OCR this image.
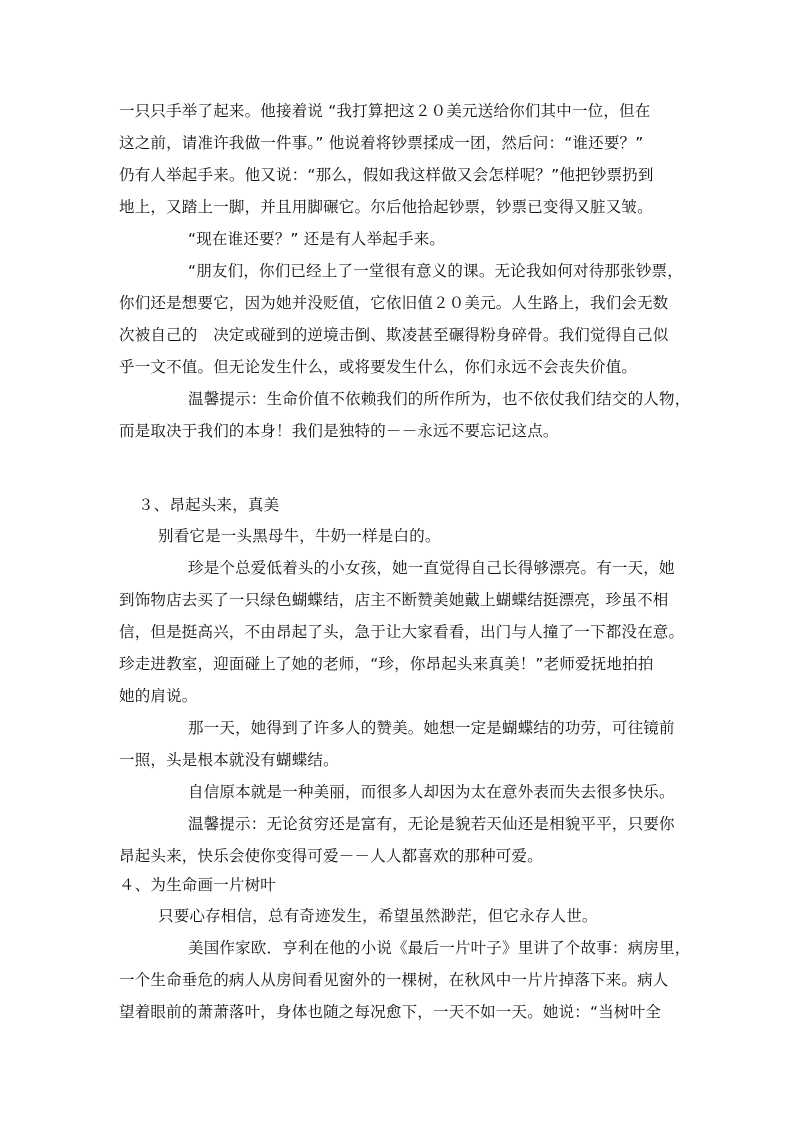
一只只手举了起来。他接着说 “我打算把这２０美元送给你们其中一位，但在
这之前，请准许我做一件事。” 他说着将钞票揉成一团，然后问：“谁还要？”
仍有人举起手来。他又说：“那么，假如我这样做又会怎样呢？”他把钞票扔到
地上，又踏上一脚，并且用脚碾它。尔后他拾起钞票，钞票已变得又脏又皱。
“现在谁还要？” 还是有人举起手来。
“朋友们，你们已经上了一堂很有意义的课。无论我如何对待那张钞票，
你们还是想要它，因为她并没贬值，它依旧值２０美元。人生路上，我们会无数
次被自己的　决定或碰到的逆境击倒、欺凌甚至碾得粉身碎骨。我们觉得自己似
乎一文不值。但无论发生什么，或将要发生什么，你们永远不会丧失价值。
温馨提示：生命价值不依赖我们的所作所为，也不依仗我们结交的人物，
而是取决于我们的本身！我们是独特的－－永远不要忘记这点。
３、昂起头来，真美
别看它是一头黑母牛，牛奶一样是白的。
珍是个总爱低着头的小女孩，她一直觉得自己长得够漂亮。有一天，她
到饰物店去买了一只绿色蝴蝶结，店主不断赞美她戴上蝴蝶结挺漂亮，珍虽不相
信，但是挺高兴，不由昂起了头，急于让大家看看，出门与人撞了一下都没在意。
珍走进教室，迎面碰上了她的老师，“珍，你昂起头来真美！”老师爱抚地拍拍
她的肩说。
那一天，她得到了许多人的赞美。她想一定是蝴蝶结的功劳，可往镜前
一照，头是根本就没有蝴蝶结。
自信原本就是一种美丽，而很多人却因为太在意外表而失去很多快乐。
温馨提示：无论贫穷还是富有，无论是貌若天仙还是相貌平平，只要你
昂起头来，快乐会使你变得可爱－－人人都喜欢的那种可爱。
４、为生命画一片树叶
只要心存相信，总有奇迹发生，希望虽然渺茫，但它永存人世。
美国作家欧．亨利在他的小说《最后一片叶子》里讲了个故事：病房里，
一个生命垂危的病人从房间看见窗外的一棵树，在秋风中一片片掉落下来。病人
望着眼前的萧萧落叶，身体也随之每况愈下，一天不如一天。她说：“当树叶全
